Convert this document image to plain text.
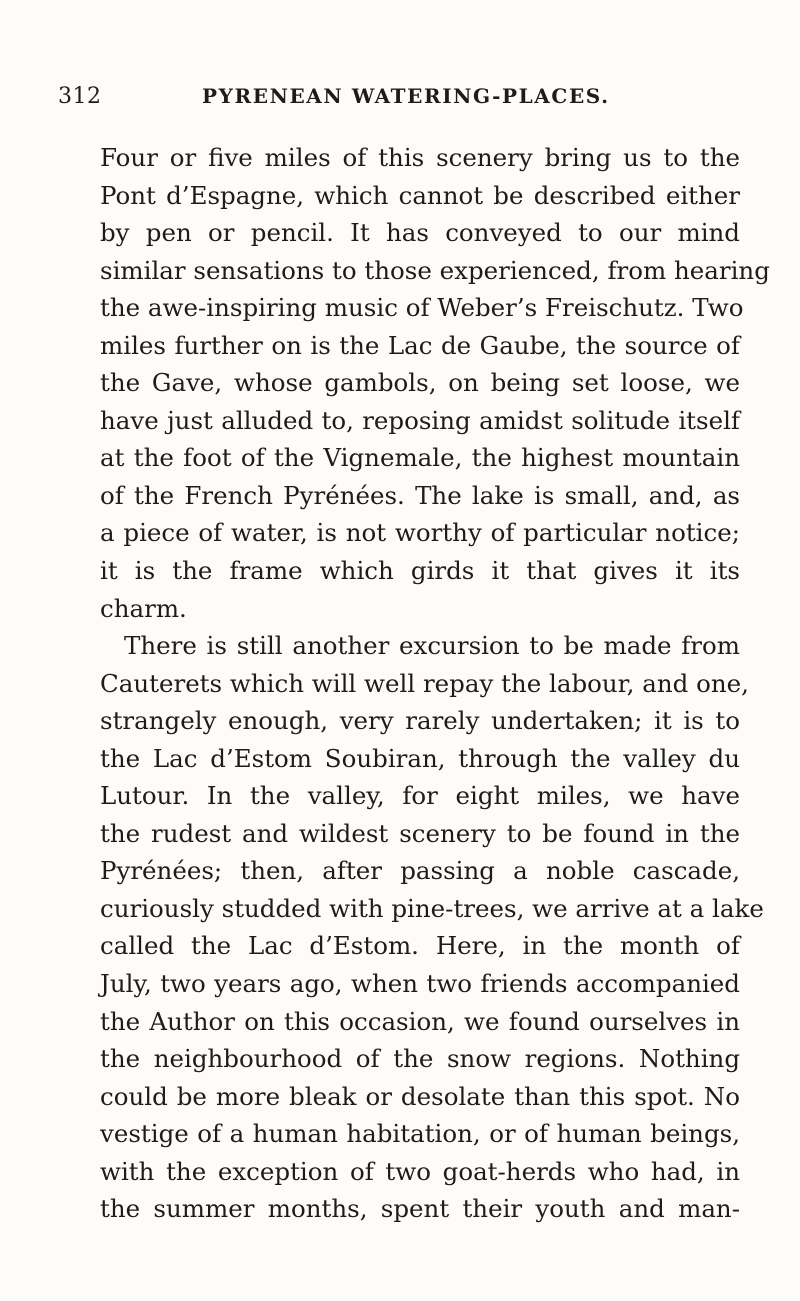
312	PYRENEAN WATERING-PLACES.
Four or five miles of this scenery bring us to the
Pont d’Espagne, which cannot be described either
by pen or pencil. It has conveyed to our mind
similar sensations to those experienced, from hearing
the awe-inspiring music of Weber’s Freischutz. Two
miles further on is the Lac de Gaube, the source of
the Gave, whose gambols, on being set loose, we
have just alluded to, reposing amidst solitude itself
at the foot of the Vignemale, the highest mountain
of the French Pyrénées. The lake is small, and, as
a piece of water, is not worthy of particular notice;
it is the frame which girds it that gives it its
charm.
There is still another excursion to be made from
Cauterets which will well repay the labour, and one,
strangely enough, very rarely undertaken; it is to
the Lac d’Estom Soubiran, through the valley du
Lutour. In the valley, for eight miles, we have
the rudest and wildest scenery to be found in the
Pyrénées; then, after passing a noble cascade,
curiously studded with pine-trees, we arrive at a lake
called the Lac d’Estom. Here, in the month of
July, two years ago, when two friends accompanied
the Author on this occasion, we found ourselves in
the neighbourhood of the snow regions. Nothing
could be more bleak or desolate than this spot. No
vestige of a human habitation, or of human beings,
with the exception of two goat-herds who had, in
the summer months, spent their youth and man-
